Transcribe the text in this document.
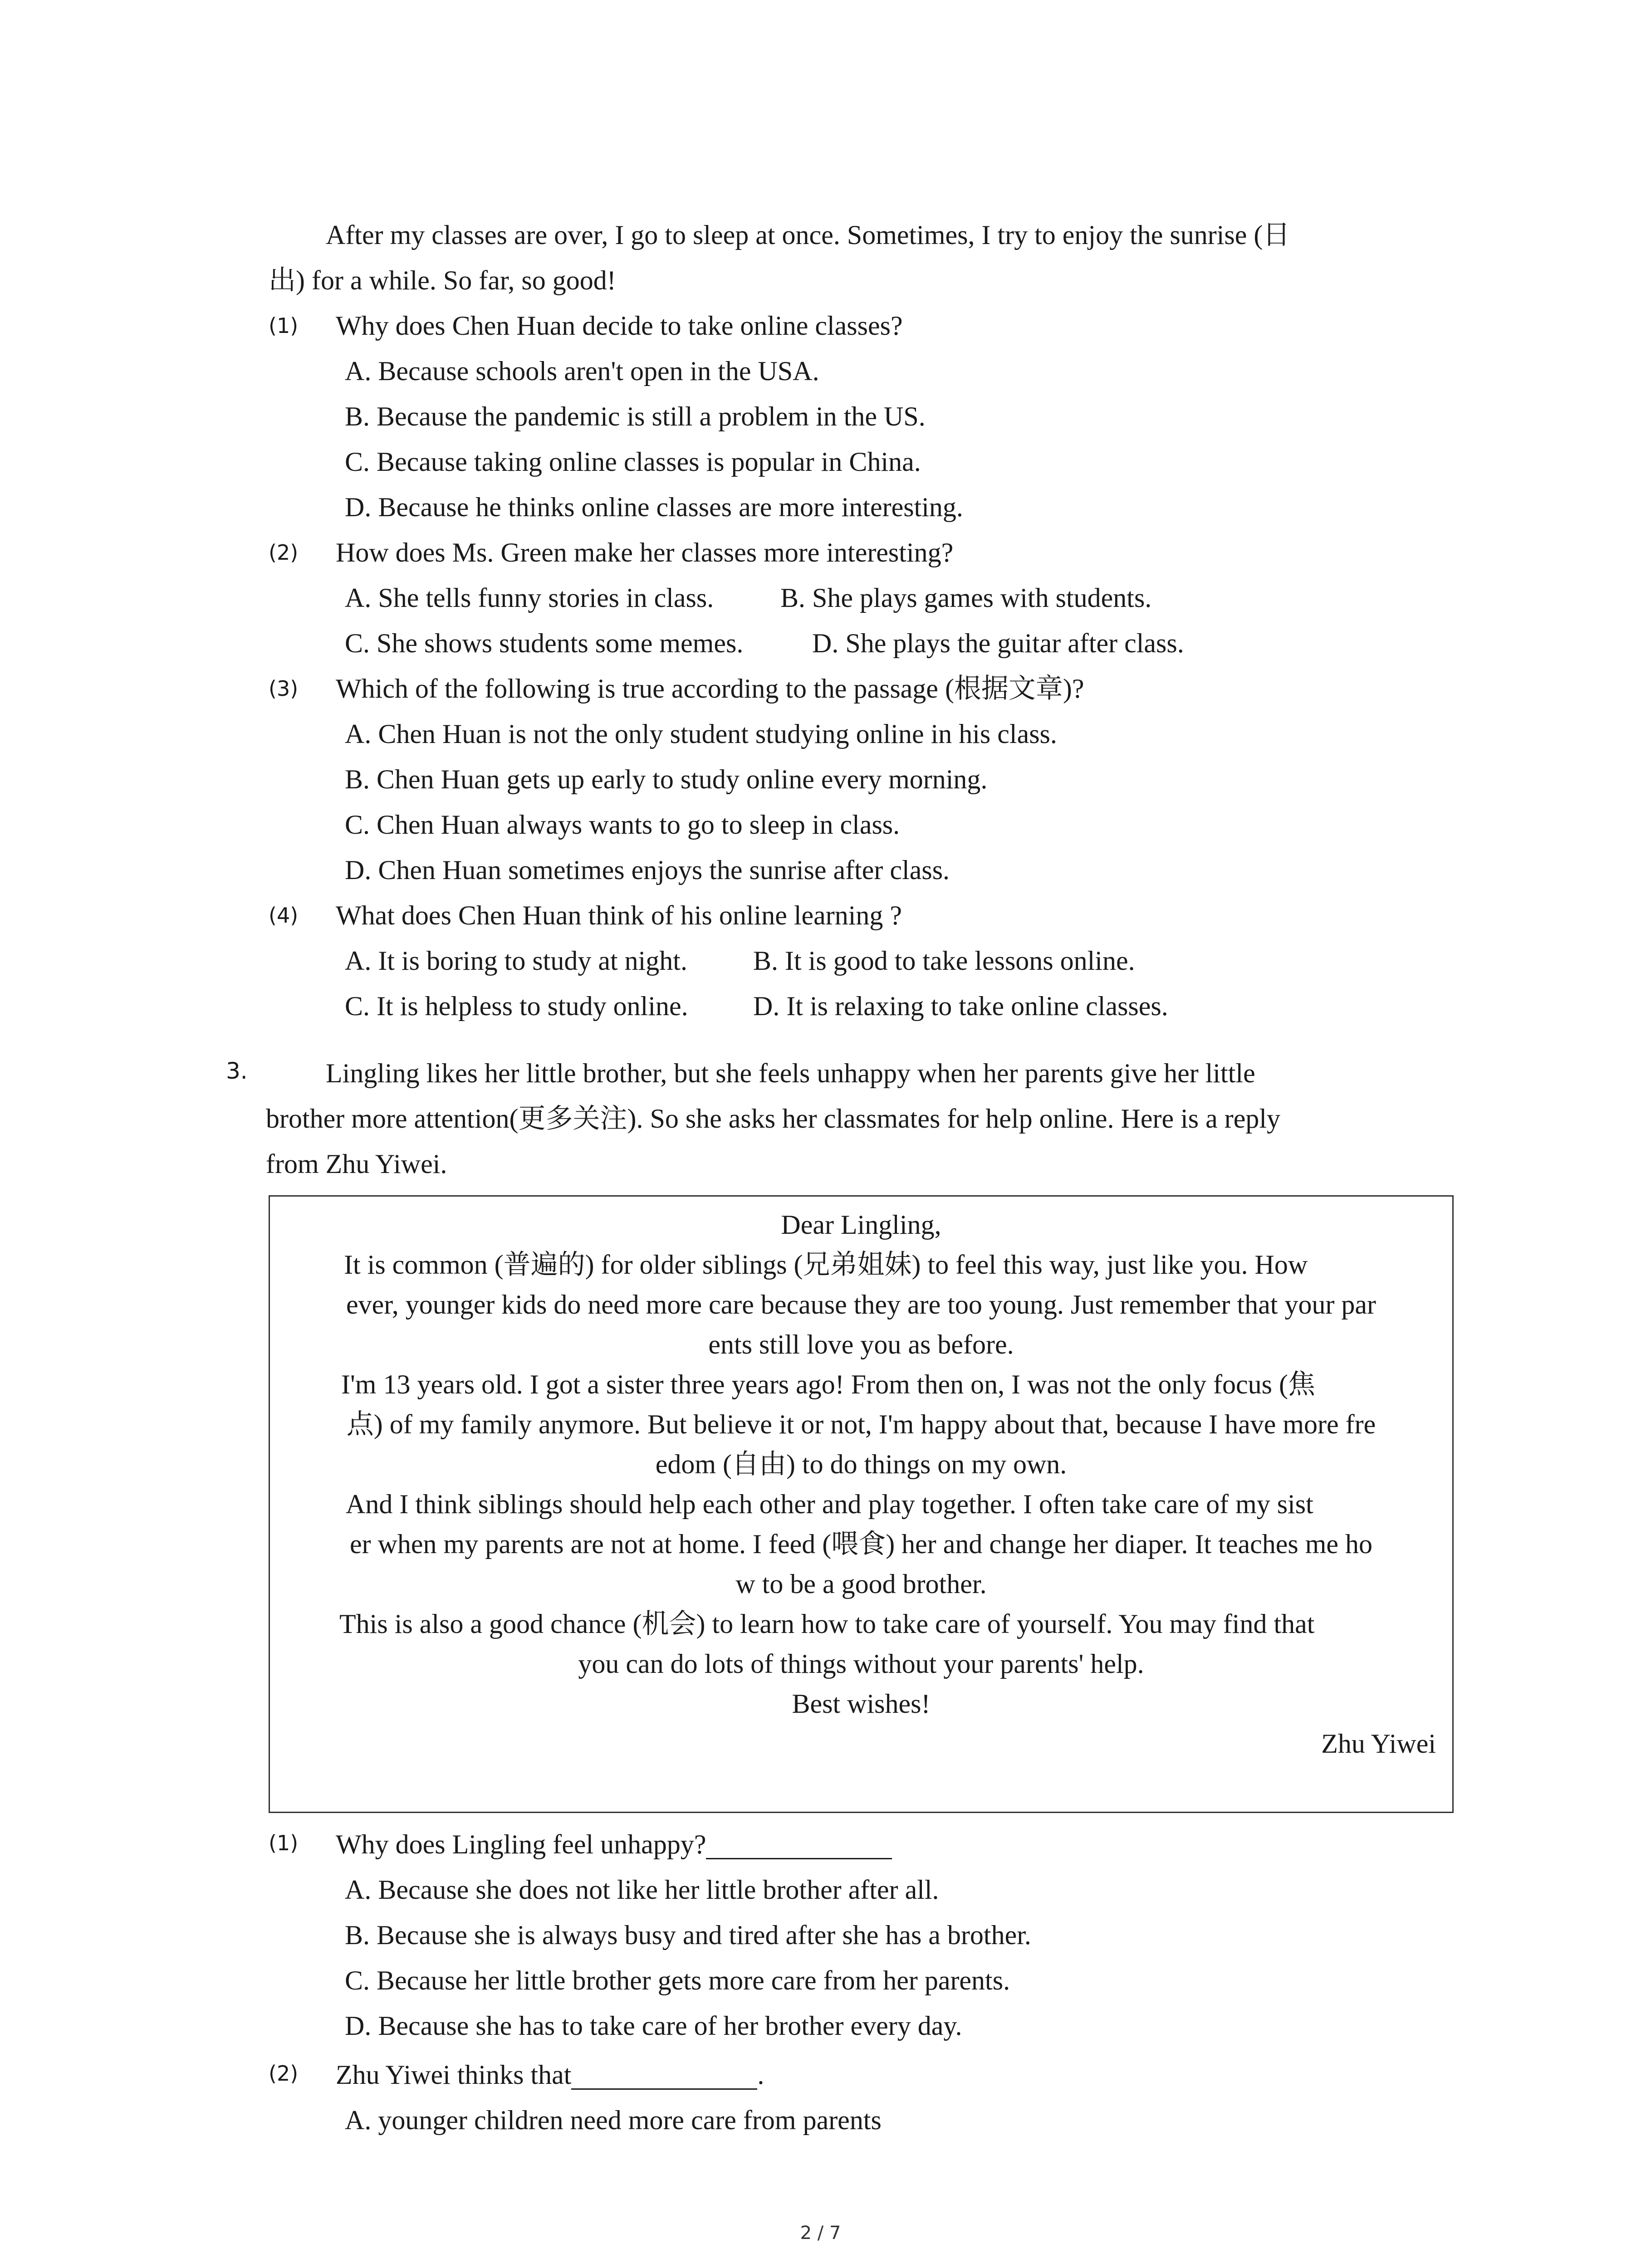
After my classes are over, I go to sleep at once. Sometimes, I try to enjoy the sunrise (日
出) for a while. So far, so good!
(1) Why does Chen Huan decide to take online classes?
A. Because schools aren't open in the USA.
B. Because the pandemic is still a problem in the US.
C. Because taking online classes is popular in China.
D. Because he thinks online classes are more interesting.
(2) How does Ms. Green make her classes more interesting?
A. She tells funny stories in class. B. She plays games with students.
C. She shows students some memes.	D. She plays the guitar after class.
(3) Which of the following is true according to the passage (根据文章)?
A. Chen Huan is not the only student studying online in his class.
B. Chen Huan gets up early to study online every morning.
C. Chen Huan always wants to go to sleep in class.
D. Chen Huan sometimes enjoys the sunrise after class.
(4) What does Chen Huan think of his online learning ?
A. It is boring to study at night. B. It is good to take lessons online.
C. It is helpless to study online. D. It is relaxing to take online classes.
3.	Lingling likes her little brother, but she feels unhappy when her parents give her little
brother more attention(更多关注). So she asks her classmates for help online. Here is a reply
from Zhu Yiwei.
Dear Lingling,
It is common (普遍的) for older siblings (兄弟姐妹) to feel this way, just like you. How
ever, younger kids do need more care because they are too young. Just remember that your par
ents still love you as before.
I'm 13 years old. I got a sister three years ago! From then on, I was not the only focus (焦
点) of my family anymore. But believe it or not, I'm happy about that, because I have more fre
edom (自由) to do things on my own.
And I think siblings should help each other and play together. I often take care of my sist
er when my parents are not at home. I feed (喂食) her and change her diaper. It teaches me ho
w to be a good brother.
This is also a good chance (机会) to learn how to take care of yourself. You may find that
you can do lots of things without your parents' help.
Best wishes!
Zhu Yiwei
(1) Why does Lingling feel unhappy?
A. Because she does not like her little brother after all.
B. Because she is always busy and tired after she has a brother.
C. Because her little brother gets more care from her parents.
D. Because she has to take care of her brother every day.
(2) Zhu Yiwei thinks that	.
A. younger children need more care from parents
2 / 7
